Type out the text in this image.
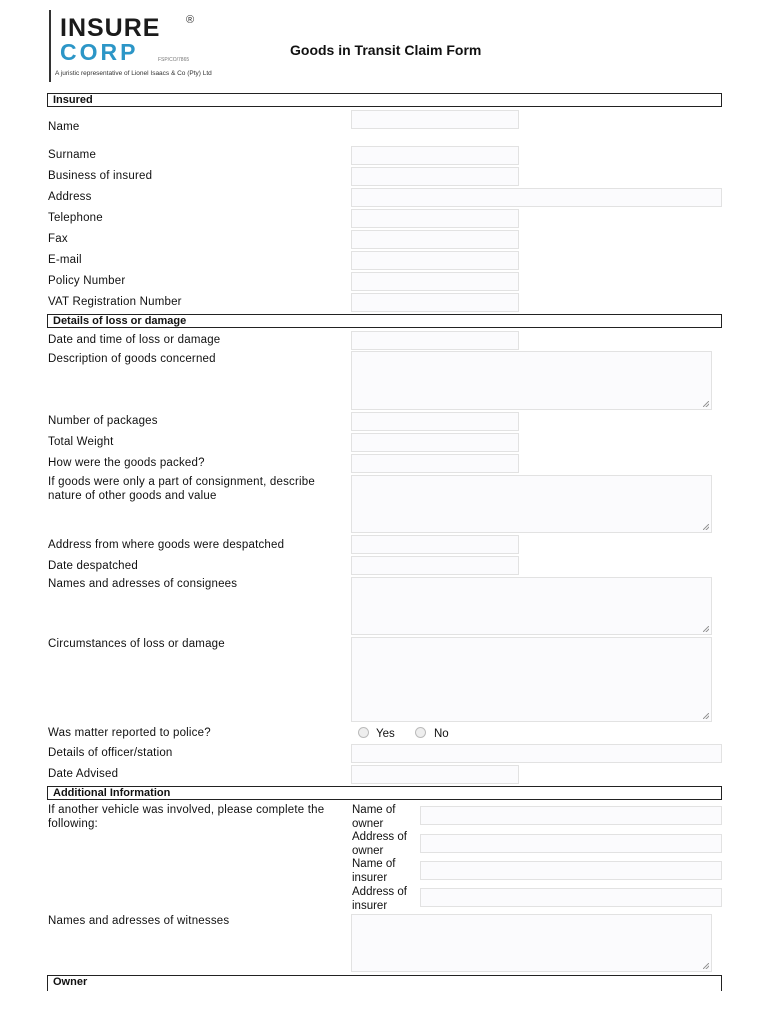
INSURE
CORP
®
FSP/CO/7865
A juristic representative of Lionel Isaacs & Co (Pty) Ltd
Goods in Transit Claim Form
Insured
Name
Surname
Business of insured
Address
Telephone
Fax
E-mail
Policy Number
VAT Registration Number
Details of loss or damage
Date and time of loss or damage
Description of goods concerned
Number of packages
Total Weight
How were the goods packed?
If goods were only a part of consignment, describe
nature of other goods and value
Address from where goods were despatched
Date despatched
Names and adresses of consignees
Circumstances of loss or damage
Was matter reported to police?	Yes	No
Details of officer/station
Date Advised
Additional Information
If another vehicle was involved, please complete the
following:
Name of
owner
Address of
owner
Name of
insurer
Address of
insurer
Names and adresses of witnesses
Owner
